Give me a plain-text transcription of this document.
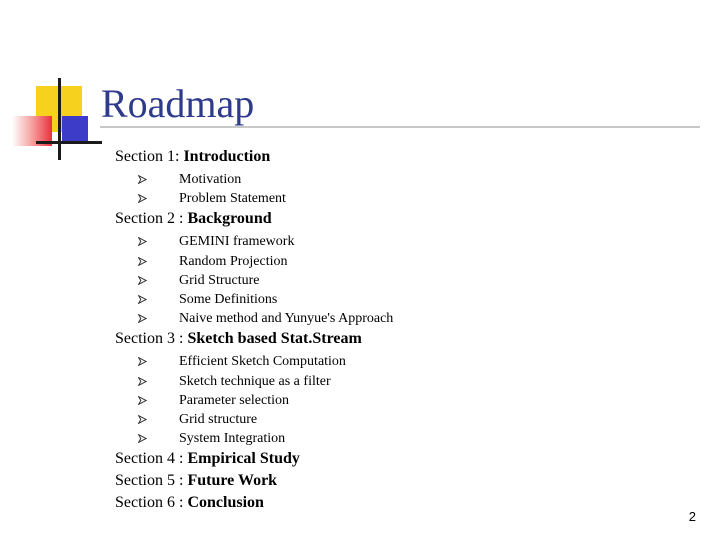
Roadmap
Section 1: Introduction
Motivation
Problem Statement
Section 2 : Background
GEMINI framework
Random Projection
Grid Structure
Some Definitions
Naive method and Yunyue's Approach
Section 3 : Sketch based Stat.Stream
Efficient Sketch Computation
Sketch technique as a filter
Parameter selection
Grid structure
System Integration
Section 4 : Empirical Study
Section 5 : Future Work
Section 6 : Conclusion
2
